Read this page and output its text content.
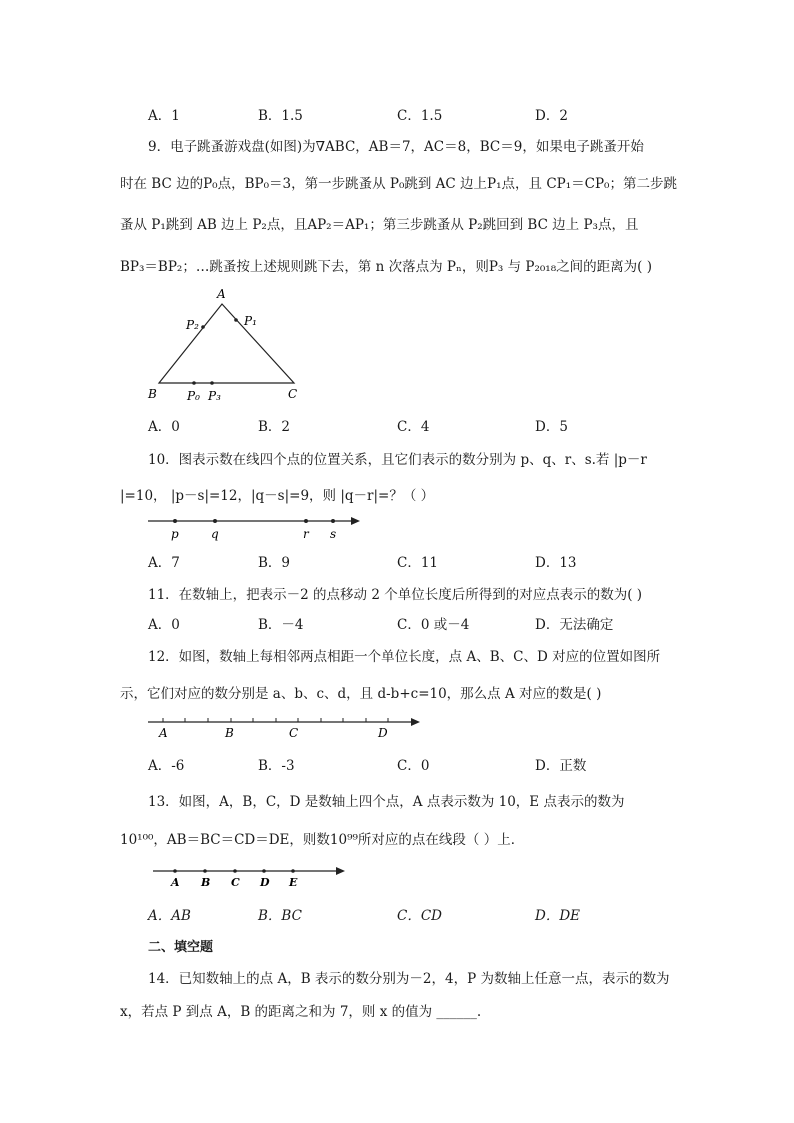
A．1	B．1.5	C．1.5	D．2
9．电子跳蚤游戏盘(如图)为∇ABC，AB＝7，AC＝8，BC＝9，如果电子跳蚤开始
时在 BC 边的P₀点，BP₀＝3，第一步跳蚤从 P₀跳到 AC 边上P₁点，且 CP₁＝CP₀；第二步跳
蚤从 P₁跳到 AB 边上 P₂点，且AP₂＝AP₁；第三步跳蚤从 P₂跳回到 BC 边上 P₃点，且
BP₃＝BP₂；…跳蚤按上述规则跳下去，第 n 次落点为 Pₙ，则P₃ 与 P₂₀₁₈之间的距离为( )
A
B	C
P₁
P₂
P₀ P₃
A．0	B．2	C．4	D．5
10．图表示数在线四个点的位置关系，且它们表示的数分别为 p、q、r、s.若 |p－r
|=10， |p－s|=12，|q－s|=9，则 |q－r|=？（ ）
p	q	r s
A．7	B．9	C．11	D．13
11．在数轴上，把表示－2 的点移动 2 个单位长度后所得到的对应点表示的数为( )
A．0	B．－4	C．0 或－4	D．无法确定
12．如图，数轴上每相邻两点相距一个单位长度，点 A、B、C、D 对应的位置如图所
示，它们对应的数分别是 a、b、c、d，且 d-b+c=10，那么点 A 对应的数是( )
A	B	C	D
A．-6	B．-3	C．0	D．正数
13．如图，A，B，C，D 是数轴上四个点，A 点表示数为 10，E 点表示的数为
10¹⁰⁰，AB＝BC＝CD＝DE，则数10⁹⁹所对应的点在线段（ ）上．
A B C D E
A．AB	B．BC	C．CD	D．DE
二、填空题
14．已知数轴上的点 A，B 表示的数分别为－2，4，P 为数轴上任意一点，表示的数为
x，若点 P 到点 A，B 的距离之和为 7，则 x 的值为 ______.
